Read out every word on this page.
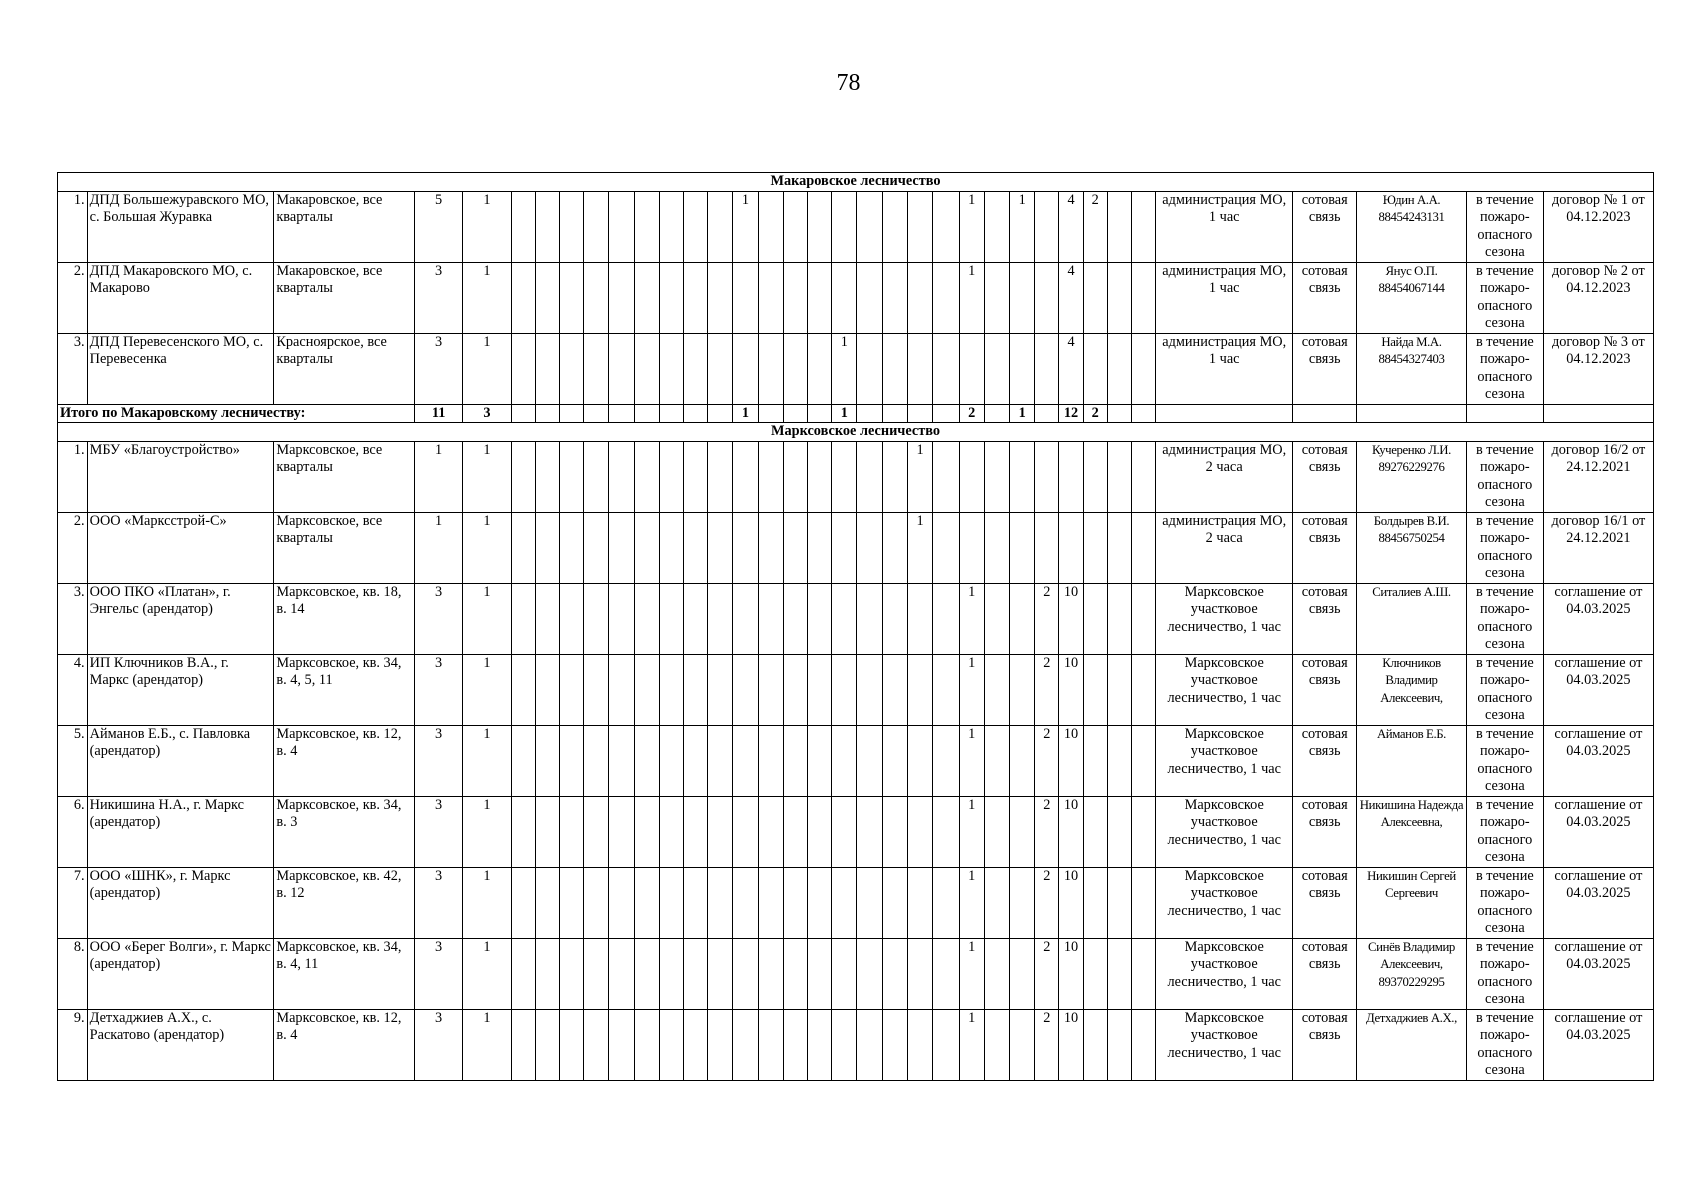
78
Макаровское лесничество																																			
1.	ДПД Большежуравского МО, с. Большая Журавка	Макаровское, все кварталы	5	1										1									1		1		4	2			администрация МО, 1 час	сотовая связь	Юдин А.А. 88454243131	в течение пожаро-опасного сезона	договор № 1 от 04.12.2023
2.	ДПД Макаровского МО, с. Макарово	Макаровское, все кварталы	3	1																			1				4				администрация МО, 1 час	сотовая связь	Янус О.П. 88454067144	в течение пожаро-опасного сезона	договор № 2 от 04.12.2023
3.	ДПД Перевесенского МО, с. Перевесенка	Красноярское, все кварталы	3	1														1									4				администрация МО, 1 час	сотовая связь	Найда М.А. 88454327403	в течение пожаро-опасного сезона	договор № 3 от 04.12.2023
Итого по Макаровскому лесничеству:			11	3										1				1					2		1		12	2							
Марксовское лесничество																																			
1.	МБУ «Благоустройство»	Марксовское, все кварталы	1	1																	1										администрация МО, 2 часа	сотовая связь	Кучеренко Л.И. 89276229276	в течение пожаро-опасного сезона	договор 16/2 от 24.12.2021
2.	ООО «Марксстрой-С»	Марксовское, все кварталы	1	1																	1										администрация МО, 2 часа	сотовая связь	Болдырев В.И. 88456750254	в течение пожаро-опасного сезона	договор 16/1 от 24.12.2021
3.	ООО ПКО «Платан», г. Энгельс (арендатор)	Марксовское, кв. 18, в. 14	3	1																			1			2	10				Марксовское участковое лесничество, 1 час	сотовая связь	Ситалиев А.Ш.	в течение пожаро-опасного сезона	соглашение от 04.03.2025
4.	ИП Ключников В.А., г. Маркс (арендатор)	Марксовское, кв. 34, в. 4, 5, 11	3	1																			1			2	10				Марксовское участковое лесничество, 1 час	сотовая связь	Ключников Владимир Алексеевич,	в течение пожаро-опасного сезона	соглашение от 04.03.2025
5.	Айманов Е.Б., с. Павловка (арендатор)	Марксовское, кв. 12, в. 4	3	1																			1			2	10				Марксовское участковое лесничество, 1 час	сотовая связь	Айманов Е.Б.	в течение пожаро-опасного сезона	соглашение от 04.03.2025
6.	Никишина Н.А., г. Маркс (арендатор)	Марксовское, кв. 34, в. 3	3	1																			1			2	10				Марксовское участковое лесничество, 1 час	сотовая связь	Никишина Надежда Алексеевна,	в течение пожаро-опасного сезона	соглашение от 04.03.2025
7.	ООО «ШНК», г. Маркс (арендатор)	Марксовское, кв. 42, в. 12	3	1																			1			2	10				Марксовское участковое лесничество, 1 час	сотовая связь	Никишин Сергей Сергеевич	в течение пожаро-опасного сезона	соглашение от 04.03.2025
8.	ООО «Берег Волги», г. Маркс (арендатор)	Марксовское, кв. 34, в. 4, 11	3	1																			1			2	10				Марксовское участковое лесничество, 1 час	сотовая связь	Синёв Владимир Алексеевич, 89370229295	в течение пожаро-опасного сезона	соглашение от 04.03.2025
9.	Детхаджиев А.Х., с. Раскатово (арендатор)	Марксовское, кв. 12, в. 4	3	1																			1			2	10				Марксовское участковое лесничество, 1 час	сотовая связь	Детхаджиев А.Х.,	в течение пожаро-опасного сезона	соглашение от 04.03.2025
